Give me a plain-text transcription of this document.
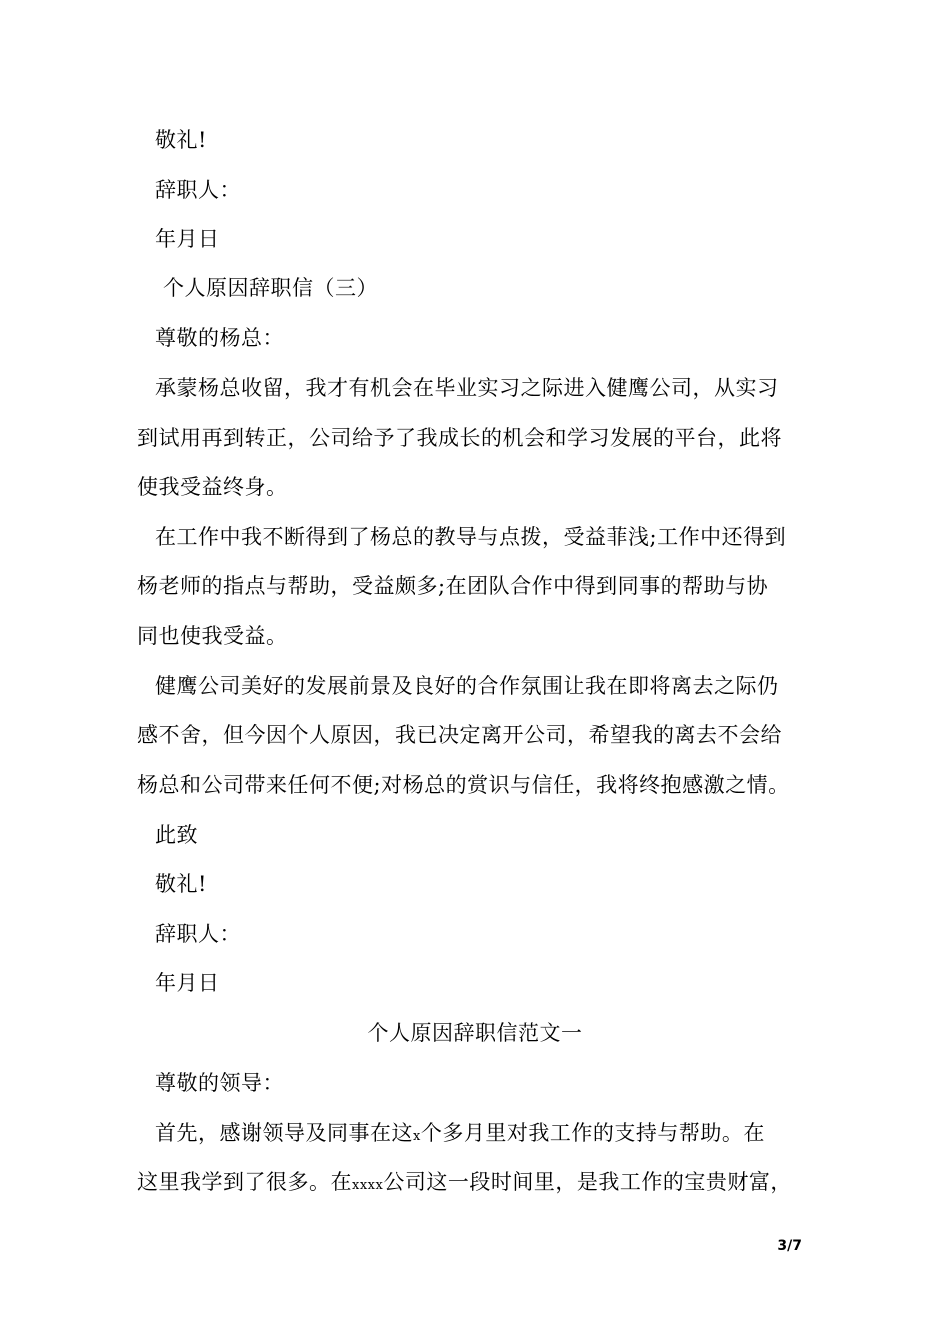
敬礼!
辞职人：
年月日
个人原因辞职信（三）
尊敬的杨总：
承蒙杨总收留，我才有机会在毕业实习之际进入健鹰公司，从实习
到试用再到转正，公司给予了我成长的机会和学习发展的平台，此将
使我受益终身。
在工作中我不断得到了杨总的教导与点拨，受益菲浅;工作中还得到
杨老师的指点与帮助，受益颇多;在团队合作中得到同事的帮助与协
同也使我受益。
健鹰公司美好的发展前景及良好的合作氛围让我在即将离去之际仍
感不舍，但今因个人原因，我已决定离开公司，希望我的离去不会给
杨总和公司带来任何不便;对杨总的赏识与信任，我将终抱感激之情。
此致
敬礼!
辞职人：
年月日
个人原因辞职信范文一
尊敬的领导：
首先，感谢领导及同事在这x个多月里对我工作的支持与帮助。在
这里我学到了很多。在xxxx公司这一段时间里，是我工作的宝贵财富，
3/7
